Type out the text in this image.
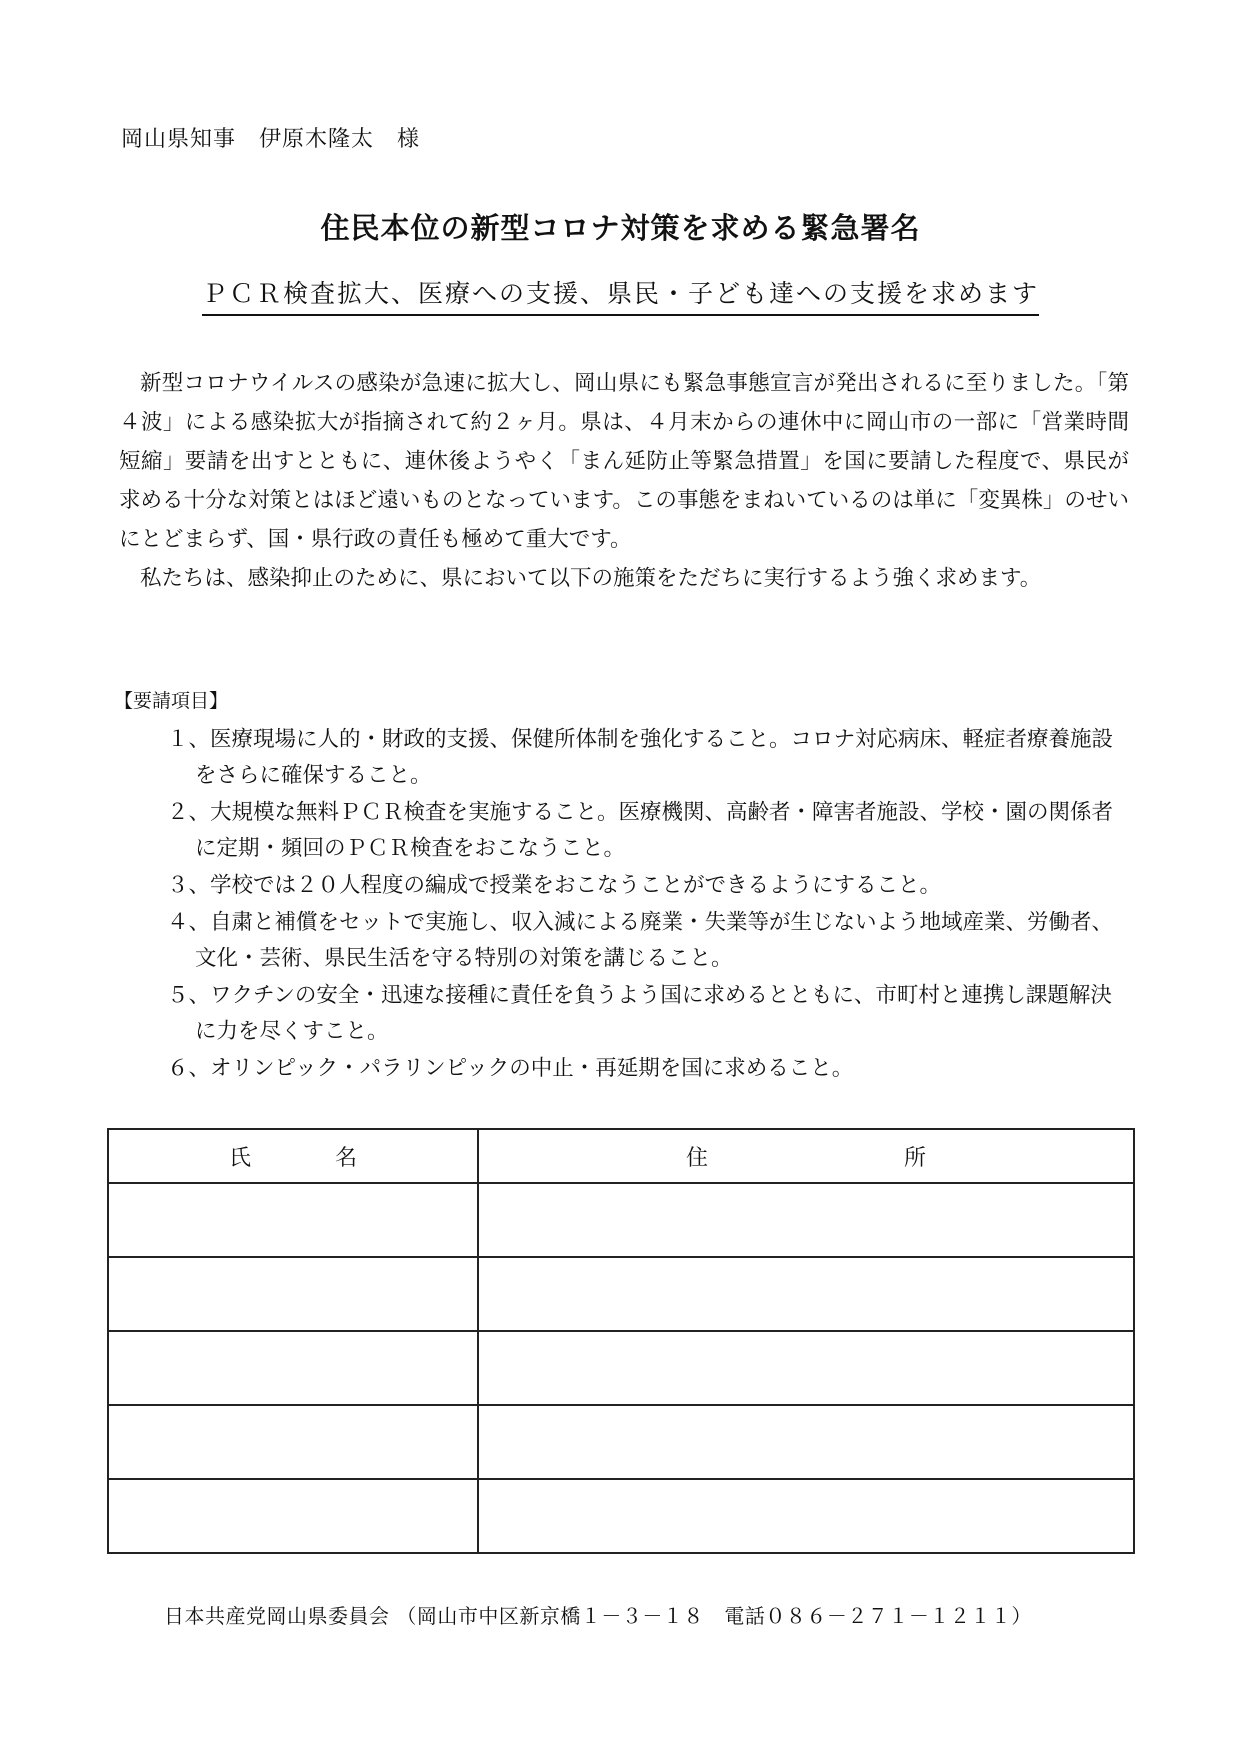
岡山県知事　伊原木隆太　様
住民本位の新型コロナ対策を求める緊急署名
ＰＣＲ検査拡大、医療への支援、県民・子ども達への支援を求めます

新型コロナウイルスの感染が急速に拡大し、岡山県にも緊急事態宣言が発出されるに至りました。「第４波」による感染拡大が指摘されて約２ヶ月。県は、４月末からの連休中に岡山市の一部に「営業時間短縮」要請を出すとともに、連休後ようやく「まん延防止等緊急措置」を国に要請した程度で、県民が求める十分な対策とはほど遠いものとなっています。この事態をまねいているのは単に「変異株」のせいにとどまらず、国・県行政の責任も極めて重大です。

私たちは、感染抑止のために、県において以下の施策をただちに実行するよう強く求めます。

【要請項目】
１、医療現場に人的・財政的支援、保健所体制を強化すること。コロナ対応病床、軽症者療養施設をさらに確保すること。
２、大規模な無料ＰＣＲ検査を実施すること。医療機関、高齢者・障害者施設、学校・園の関係者に定期・頻回のＰＣＲ検査をおこなうこと。
３、学校では２０人程度の編成で授業をおこなうことができるようにすること。
４、自粛と補償をセットで実施し、収入減による廃業・失業等が生じないよう地域産業、労働者、文化・芸術、県民生活を守る特別の対策を講じること。
５、ワクチンの安全・迅速な接種に責任を負うよう国に求めるとともに、市町村と連携し課題解決に力を尽くすこと。
６、オリンピック・パラリンピックの中止・再延期を国に求めること。
氏 名	住 所

日本共産党岡山県委員会 （岡山市中区新京橋１－３－１８　電話０８６－２７１－１２１１）
